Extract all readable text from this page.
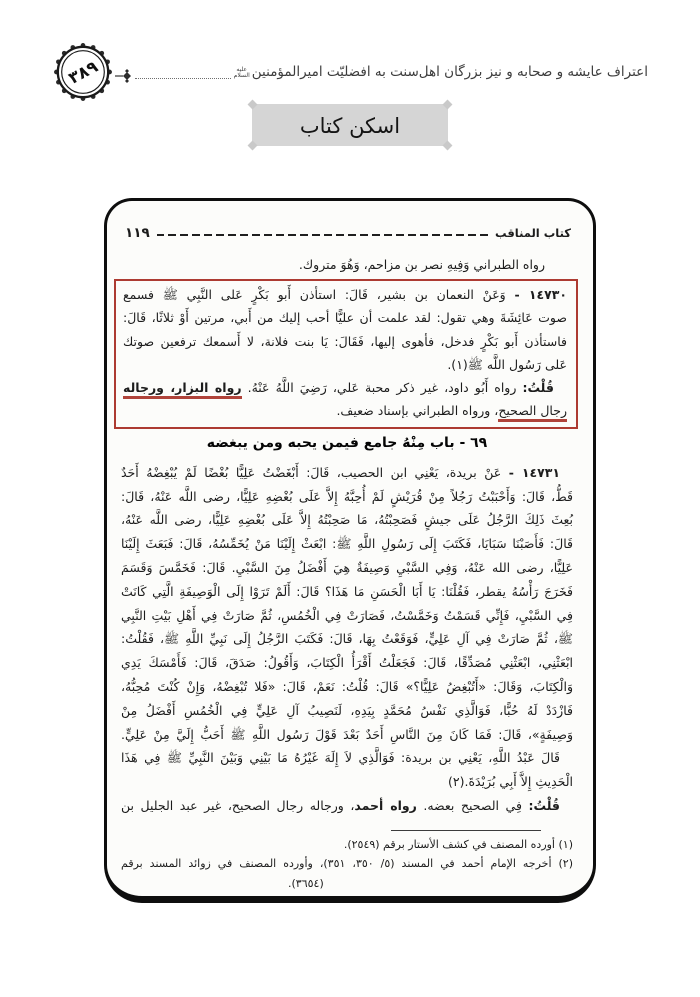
اعتراف عايشه و صحابه و نيز بزرگان اهل‌سنت به افضليّت اميرالمؤمنين
عليه
السلام
٣٨٩
اسكن كتاب
كتاب المناقب
١١٩
رواه الطبراني وَفِيهِ نصر بن مزاحم، وَهُوَ متروك.
١٤٧٣٠ - وَعَنْ النعمان بن بشير، قَالَ: استأذن أَبو بَكْرٍ عَلى النَّبِي ﷺ فسمع
صوت عَائِشَةَ وهي تقول: لقد علمت أن عليًّا أحب إليك من أَبي، مرتين أَوْ ثلاثًا، قَالَ:
فاستأذن أَبو بَكْرٍ فدخل، فأهوى إليها، فَقَالَ: يَا بنت فلانة، لا أَسمعك ترفعين صوتك
عَلى رَسُول اللَّه ﷺ(١).
قُلْتُ: رواه أَبُو داود، غير ذكر محبة عَلي، رَضِيَ اللَّهُ عَنْهُ. رواه البزار، ورجاله
رجال الصحيح، ورواه الطبراني بإسناد ضعيف.
٦٩ - باب مِنْهُ جامع فيمن يحبه ومن يبغضه
١٤٧٣١ - عَنْ بريدة، يَعْنِي ابن الحصيب، قَالَ: أَبْغَضْتُ عَلِيًّا بُغْضًا لَمْ يُبْغِضْهُ أَحَدٌ
قَطُّ، قَالَ: وَأَحْبَبْتُ رَجُلاً مِنْ قُرَيْشٍ لَمْ أُحِبَّهُ إِلاَّ عَلَى بُغْضِهِ عَلِيًّا، رضى اللَّه عَنْهُ، قَالَ:
بُعِثَ ذَلِكَ الرَّجُلُ عَلَى جيشٍ فَصَحِبْتُهُ، مَا صَحِبْتُهُ إِلاَّ عَلَى بُغْضِهِ عَلِيًّا، رضى اللَّه عَنْهُ،
قَالَ: فَأَصَبْنَا سَبَايَا، فَكَتَبَ إِلَى رَسُولِ اللَّهِ ﷺ: ابْعَثْ إِلَيْنَا مَنْ يُخَمِّسُهُ، قَالَ: فَبَعَثَ إِلَيْنَا
عَلِيًّا، رضى الله عَنْهُ، وَفِي السَّبْيِ وَصِيفَةٌ هِيَ أَفْضَلُ مِنَ السَّبْيِ. قَالَ: فَخَمَّسَ وَقَسَمَ
فَخَرَجَ رَأْسُهُ يقطر، فَقُلْنَا: يَا أَبَا الْحَسَنِ مَا هَذَا؟ قَالَ: أَلَمْ تَرَوْا إِلَى الْوَصِيفَةِ الَّتِي كَانَتْ
فِي السَّبْيِ، فَإِنِّي قَسَمْتُ وَخَمَّسْتُ، فَصَارَتْ فِي الْخُمُسِ، ثُمَّ صَارَتْ فِي أَهْلِ بَيْتِ النَّبِي
ﷺ، ثُمَّ صَارَتْ فِي آلِ عَلِيٍّ، فَوَقَعْتُ بِهَا، قَالَ: فَكَتَبَ الرَّجُلُ إِلَى نَبِيِّ اللَّهِ ﷺ، فَقُلْتُ:
ابْعَثْنِي، ابْعَثْنِي مُصَدِّقًا، قَالَ: فَجَعَلْتُ أَقْرَأُ الْكِتَابَ، وَأَقُولُ: صَدَقَ، قَالَ: فَأَمْسَكَ يَدِي
وَالْكِتَابَ، وَقَالَ: «أَتُبْغِضُ عَلِيًّا؟» قَالَ: قُلْتُ: نَعَمْ، قَالَ: «فَلا تُبْغِضْهُ، وَإِنْ كُنْتَ مُحِبُّهُ،
فَازْدَدْ لَهُ حُبًّا، فَوَالَّذِي نَفْسُ مُحَمَّدٍ بِيَدِهِ، لَنَصِيبُ آلِ عَلِيٍّ فِي الْخُمُسِ أَفْضَلُ مِنْ
وَصِيفَةٍ»، قَالَ: فَمَا كَانَ مِنَ النَّاسِ أَحَدٌ بَعْدَ قَوْلَ رَسُول اللَّهِ ﷺ أَحَبُّ إِلَيَّ مِنْ عَلِيٍّ.
قَالَ عَبْدُ اللَّهِ، يَعْنِي بن بريدة: فَوَالَّذِي لاَ إِلَهَ غَيْرُهُ مَا بَيْنِي وَبَيْنَ النَّبِيِّ ﷺ فِي هَذَا
الْحَدِيثِ إِلاَّ أَبِي بُرَيْدَةَ.(٢)
قُلْتُ: فِي الصحيح بعضه. رواه أحمد، ورجاله رجال الصحيح، غير عبد الجليل بن
(١) أورده المصنف في كشف الأستار برقم (٢٥٤٩).
(٢) أخرجه الإمام أحمد في المسند (٥/ ٣٥٠، ٣٥١)، وأورده المصنف في زوائد المسند برقم
(٣٦٥٤).
